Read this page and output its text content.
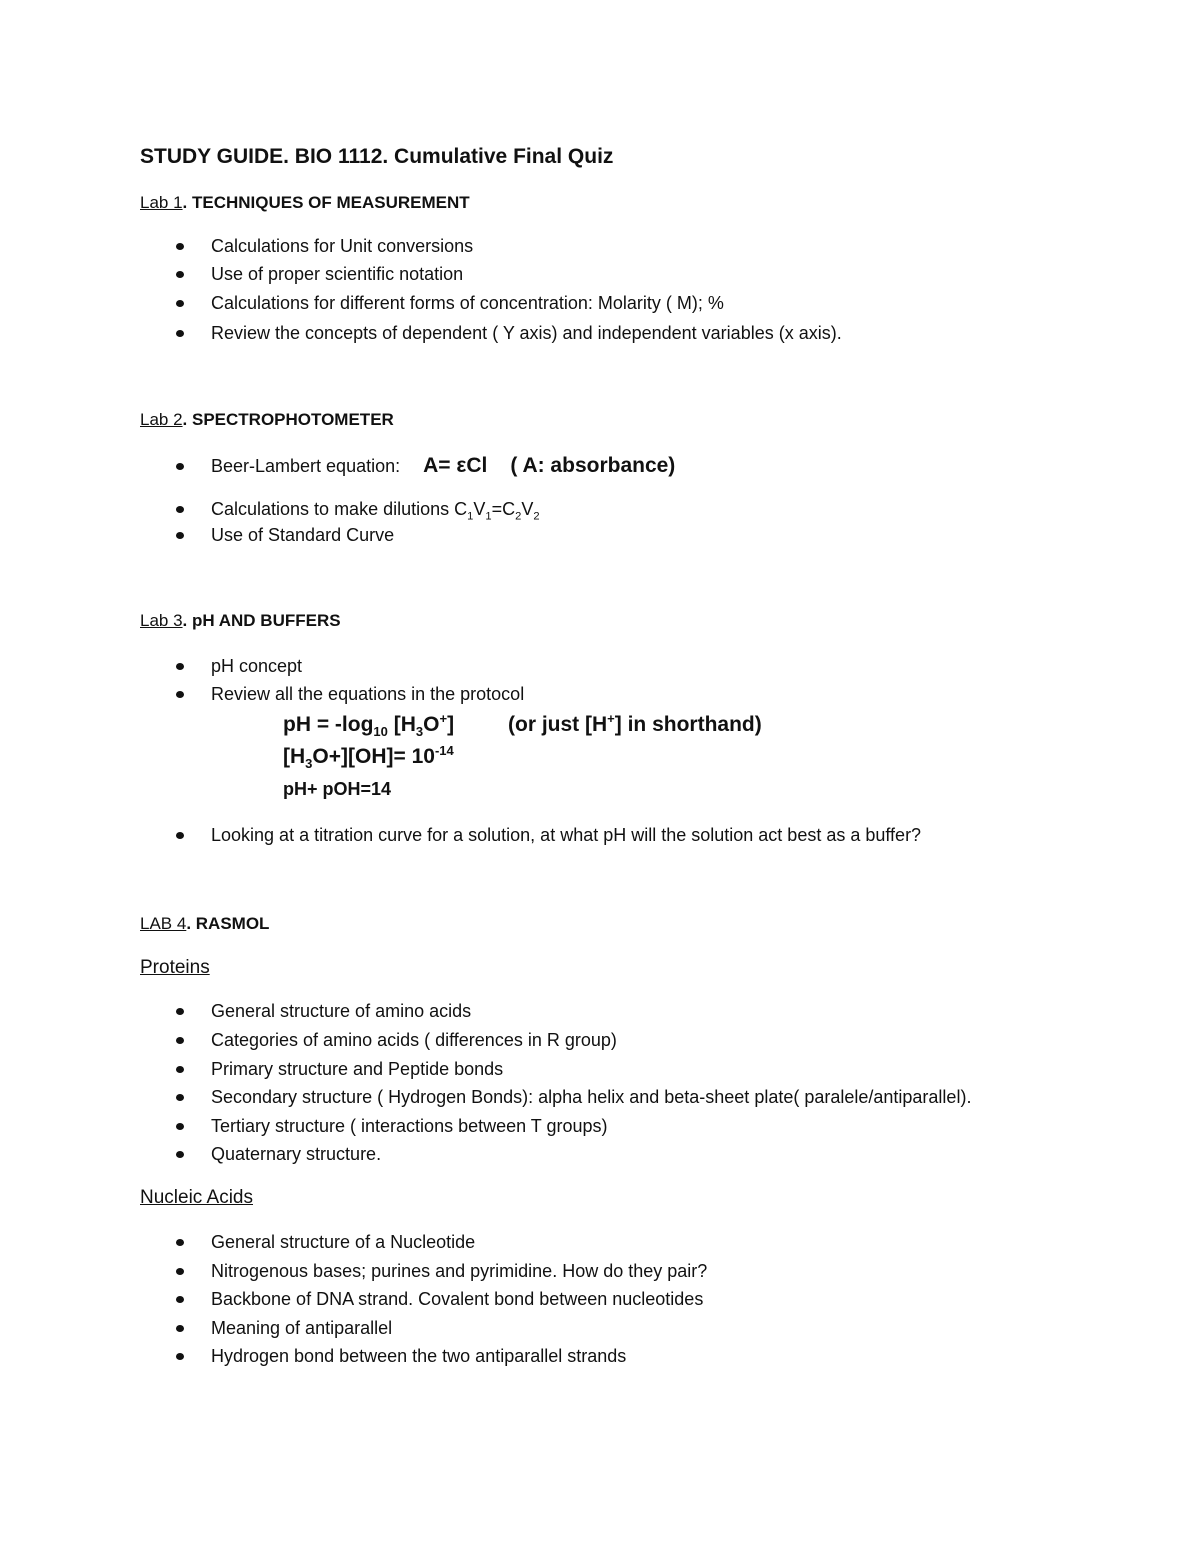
STUDY GUIDE. BIO 1112. Cumulative Final Quiz
Lab 1. TECHNIQUES OF MEASUREMENT
Calculations for Unit conversions
Use of proper scientific notation
Calculations for different forms of concentration: Molarity ( M); %
Review the concepts of dependent ( Y axis) and independent variables (x axis).
Lab 2. SPECTROPHOTOMETER
Beer-Lambert equation: A= εCl ( A: absorbance)
Calculations to make dilutions $C_1V_1=C_2V_2$
Use of Standard Curve
Lab 3. pH AND BUFFERS
pH concept
Review all the equations in the protocol
pH = $-\log_{10}$ $[H_3O^+]$	(or just [H+] in shorthand)
$[H_3O+][OH]= 10^{-14}$
pH+ pOH=14
Looking at a titration curve for a solution, at what pH will the solution act best as a buffer?
LAB 4. RASMOL
Proteins
General structure of amino acids
Categories of amino acids ( differences in R group)
Primary structure and Peptide bonds
Secondary structure ( Hydrogen Bonds): alpha helix and beta-sheet plate( paralele/antiparallel).
Tertiary structure ( interactions between T groups)
Quaternary structure.
Nucleic Acids
General structure of a Nucleotide
Nitrogenous bases; purines and pyrimidine. How do they pair?
Backbone of DNA strand. Covalent bond between nucleotides
Meaning of antiparallel
Hydrogen bond between the two antiparallel strands
